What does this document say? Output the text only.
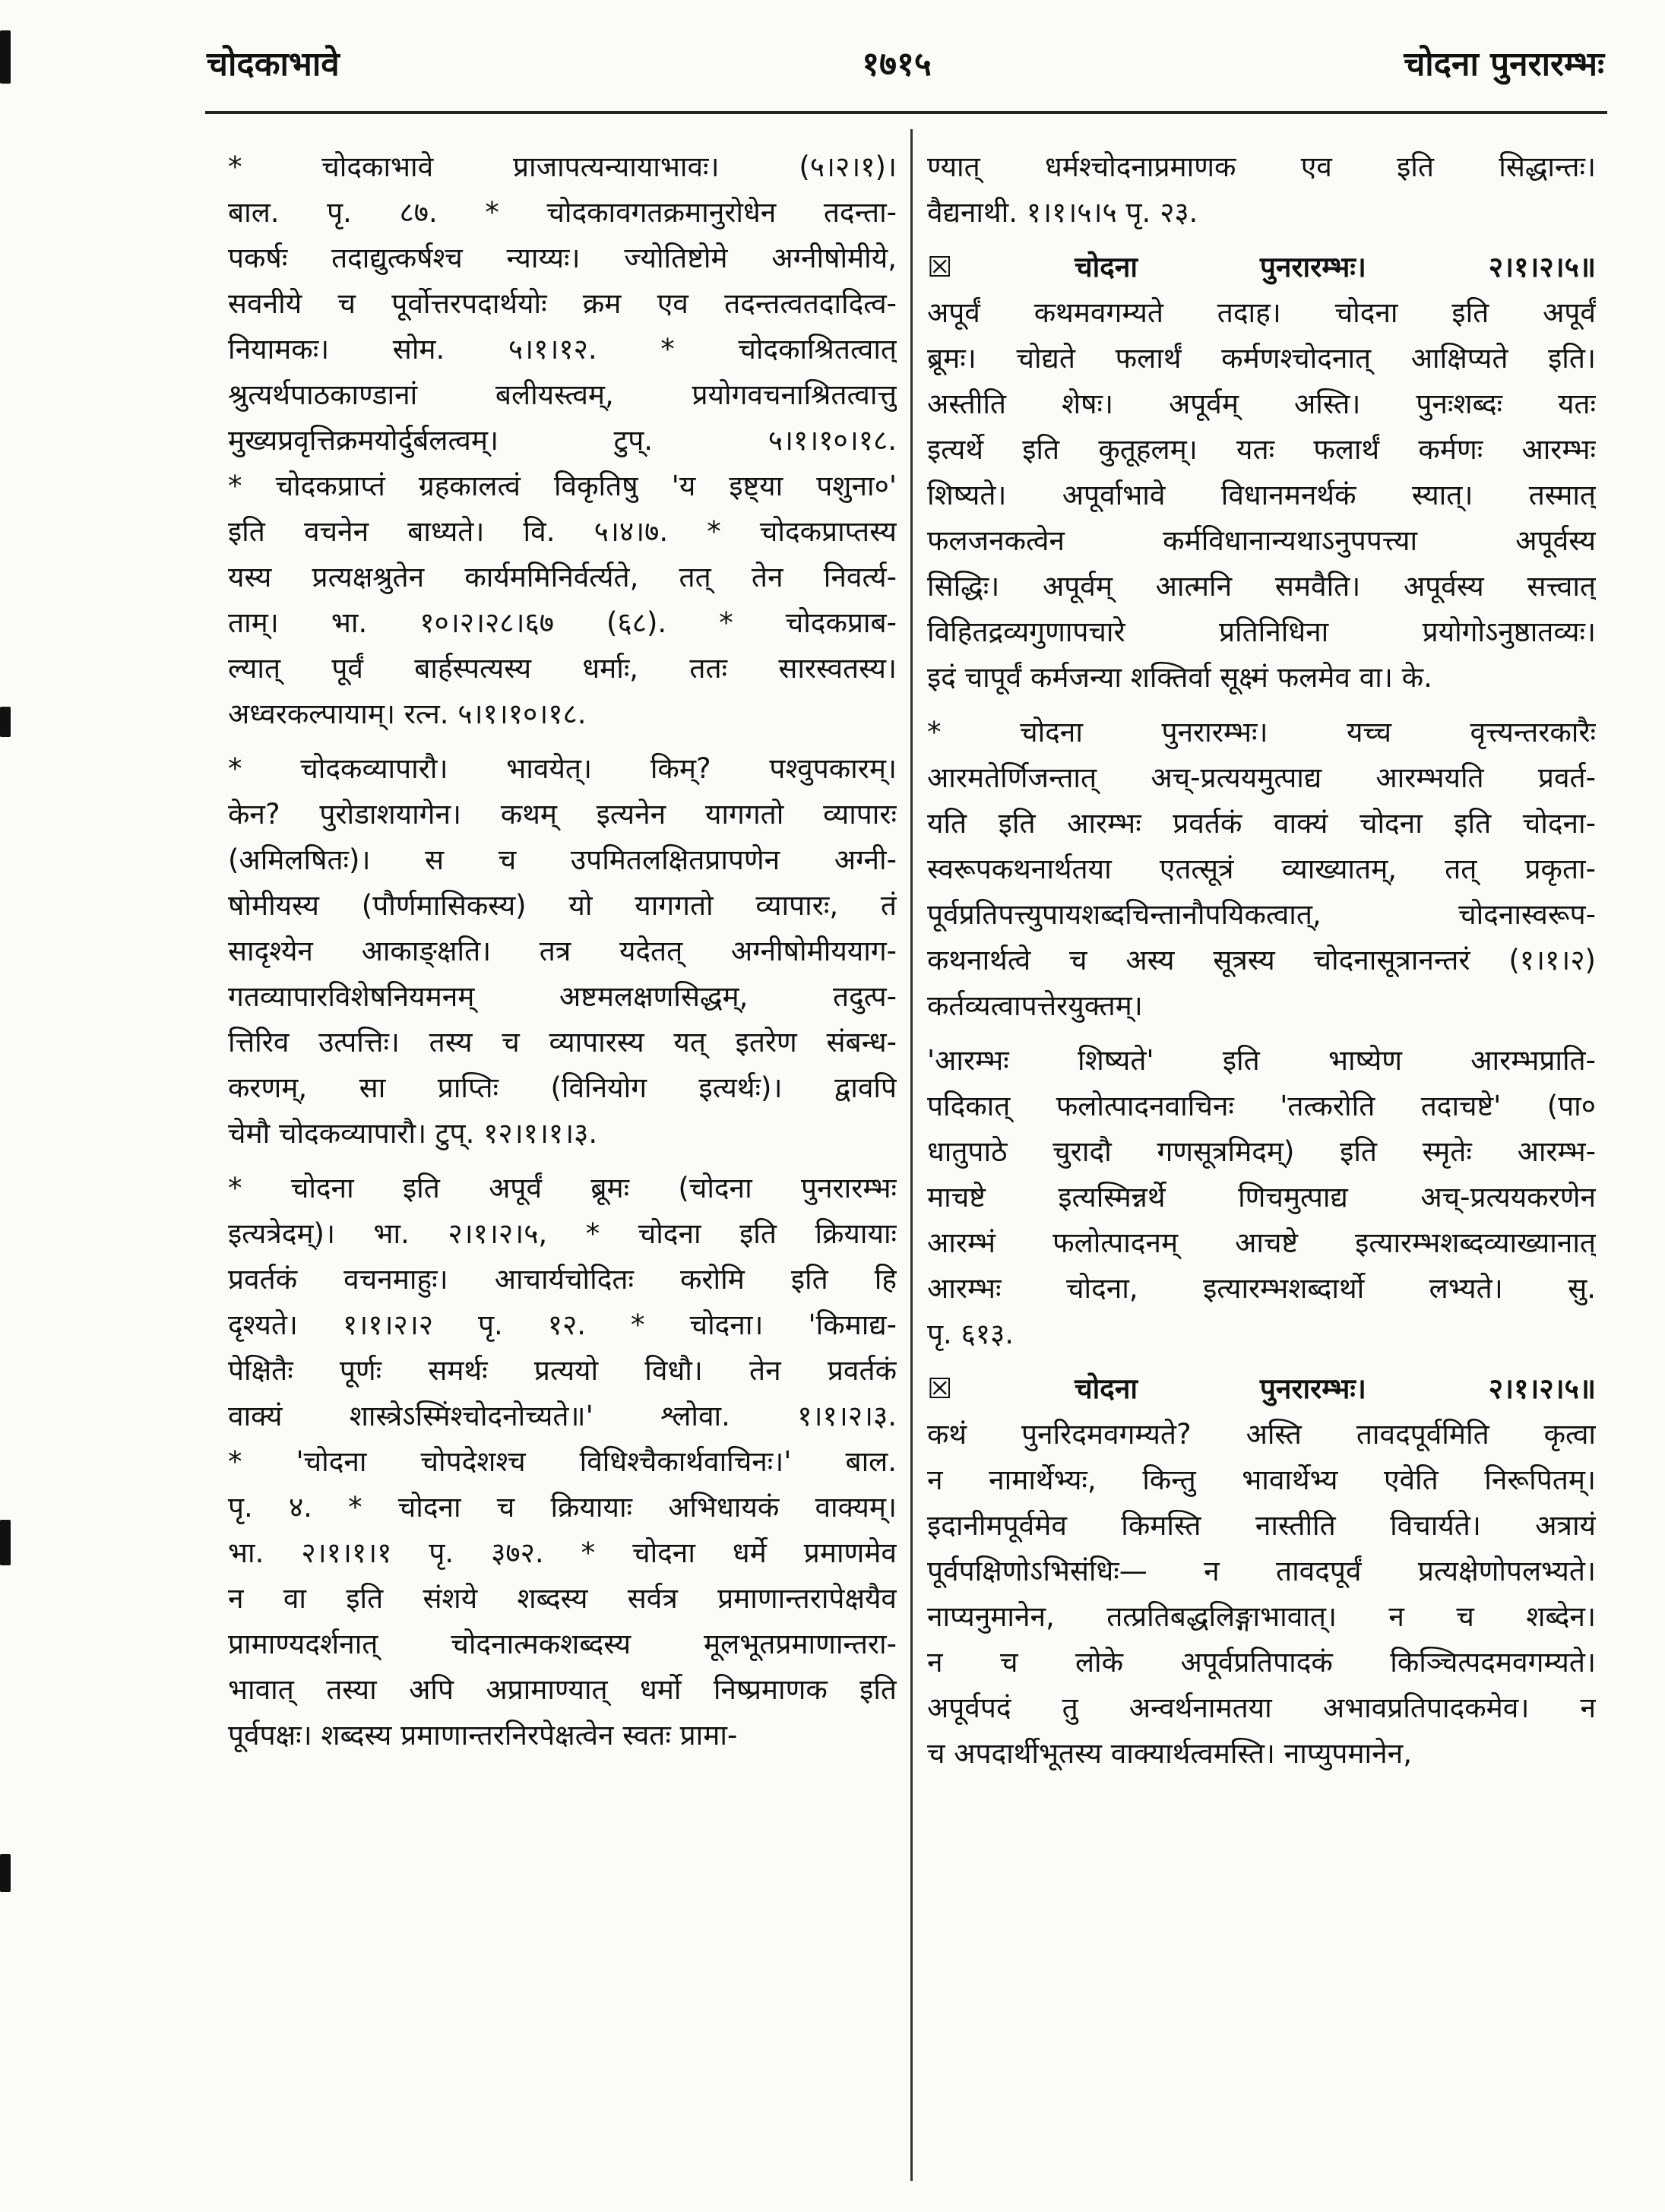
चोदकाभावे	१७१५	चोदना पुनरारम्भः

* चोदकाभावे प्राजापत्यन्यायाभावः। (५।२।१)।

बाल. पृ. ८७. * चोदकावगतक्रमानुरोधेन तदन्ता-

पकर्षः तदाद्युत्कर्षश्च न्याय्यः। ज्योतिष्टोमे अग्नीषोमीये,

सवनीये च पूर्वोत्तरपदार्थयोः क्रम एव तदन्तत्वतदादित्व-

नियामकः। सोम. ५।१।१२. * चोदकाश्रितत्वात्

श्रुत्यर्थपाठकाण्डानां बलीयस्त्वम्, प्रयोगवचनाश्रितत्वात्तु

मुख्यप्रवृत्तिक्रमयोर्दुर्बलत्वम्। टुप्. ५।१।१०।१८.

* चोदकप्राप्तं ग्रहकालत्वं विकृतिषु 'य इष्ट्या पशुना०'

इति वचनेन बाध्यते। वि. ५।४।७. * चोदकप्राप्तस्य

यस्य प्रत्यक्षश्रुतेन कार्यममिनिर्वर्त्यते, तत् तेन निवर्त्य-

ताम्। भा. १०।२।२८।६७ (६८). * चोदकप्राब-

ल्यात् पूर्वं बार्हस्पत्यस्य धर्माः, ततः सारस्वतस्य।

अध्वरकल्पायाम्। रत्न. ५।१।१०।१८.

* चोदकव्यापारौ। भावयेत्। किम्? पश्वुपकारम्।

केन? पुरोडाशयागेन। कथम् इत्यनेन यागगतो व्यापारः

(अमिलषितः)। स च उपमितलक्षितप्रापणेन अग्नी-

षोमीयस्य (पौर्णमासिकस्य) यो यागगतो व्यापारः, तं

सादृश्येन आकाङ्क्षति। तत्र यदेतत् अग्नीषोमीययाग-

गतव्यापारविशेषनियमनम् अष्टमलक्षणसिद्धम्, तदुत्प-

त्तिरिव उत्पत्तिः। तस्य च व्यापारस्य यत् इतरेण संबन्ध-

करणम्, सा प्राप्तिः (विनियोग इत्यर्थः)। द्वावपि

चेमौ चोदकव्यापारौ। टुप्. १२।१।१।३.

* चोदना इति अपूर्वं ब्रूमः (चोदना पुनरारम्भः

इत्यत्रेदम्)। भा. २।१।२।५, * चोदना इति क्रियायाः

प्रवर्तकं वचनमाहुः। आचार्यचोदितः करोमि इति हि

दृश्यते। १।१।२।२ पृ. १२. * चोदना। 'किमाद्य-

पेक्षितैः पूर्णः समर्थः प्रत्ययो विधौ। तेन प्रवर्तकं

वाक्यं शास्त्रेऽस्मिंश्चोदनोच्यते॥' श्लोवा. १।१।२।३.

* 'चोदना चोपदेशश्च विधिश्चैकार्थवाचिनः।' बाल.

पृ. ४. * चोदना च क्रियायाः अभिधायकं वाक्यम्।

भा. २।१।१।१ पृ. ३७२. * चोदना धर्मे प्रमाणमेव

न वा इति संशये शब्दस्य सर्वत्र प्रमाणान्तरापेक्षयैव

प्रामाण्यदर्शनात् चोदनात्मकशब्दस्य मूलभूतप्रमाणान्तरा-

भावात् तस्या अपि अप्रामाण्यात् धर्मो निष्प्रमाणक इति

पूर्वपक्षः। शब्दस्य प्रमाणान्तरनिरपेक्षत्वेन स्वतः प्रामा-

ण्यात् धर्मश्चोदनाप्रमाणक एव इति सिद्धान्तः।

वैद्यनाथी. १।१।५।५ पृ. २३.

☒ चोदना पुनरारम्भः। २।१।२।५॥

अपूर्वं कथमवगम्यते तदाह। चोदना इति अपूर्वं

ब्रूमः। चोद्यते फलार्थं कर्मणश्चोदनात् आक्षिप्यते इति।

अस्तीति शेषः। अपूर्वम् अस्ति। पुनःशब्दः यतः

इत्यर्थे इति कुतूहलम्। यतः फलार्थं कर्मणः आरम्भः

शिष्यते। अपूर्वाभावे विधानमनर्थकं स्यात्। तस्मात्

फलजनकत्वेन कर्मविधानान्यथाऽनुपपत्त्या अपूर्वस्य

सिद्धिः। अपूर्वम् आत्मनि समवैति। अपूर्वस्य सत्त्वात्

विहितद्रव्यगुणापचारे प्रतिनिधिना प्रयोगोऽनुष्ठातव्यः।

इदं चापूर्वं कर्मजन्या शक्तिर्वा सूक्ष्मं फलमेव वा। के.

* चोदना पुनरारम्भः। यच्च वृत्त्यन्तरकारैः

आरमतेर्णिजन्तात् अच्-प्रत्ययमुत्पाद्य आरम्भयति प्रवर्त-

यति इति आरम्भः प्रवर्तकं वाक्यं चोदना इति चोदना-

स्वरूपकथनार्थतया एतत्सूत्रं व्याख्यातम्, तत् प्रकृता-

पूर्वप्रतिपत्त्युपायशब्दचिन्तानौपयिकत्वात्, चोदनास्वरूप-

कथनार्थत्वे च अस्य सूत्रस्य चोदनासूत्रानन्तरं (१।१।२)

कर्तव्यत्वापत्तेरयुक्तम्।

'आरम्भः शिष्यते' इति भाष्येण आरम्भप्राति-

पदिकात् फलोत्पादनवाचिनः 'तत्करोति तदाचष्टे' (पा०

धातुपाठे चुरादौ गणसूत्रमिदम्) इति स्मृतेः आरम्भ-

माचष्टे इत्यस्मिन्नर्थे णिचमुत्पाद्य अच्-प्रत्ययकरणेन

आरम्भं फलोत्पादनम् आचष्टे इत्यारम्भशब्दव्याख्यानात्

आरम्भः चोदना, इत्यारम्भशब्दार्थो लभ्यते। सु.

पृ. ६१३.

☒ चोदना पुनरारम्भः। २।१।२।५॥

कथं पुनरिदमवगम्यते? अस्ति तावदपूर्वमिति कृत्वा

न नामार्थेभ्यः, किन्तु भावार्थेभ्य एवेति निरूपितम्।

इदानीमपूर्वमेव किमस्ति नास्तीति विचार्यते। अत्रायं

पूर्वपक्षिणोऽभिसंधिः— न तावदपूर्वं प्रत्यक्षेणोपलभ्यते।

नाप्यनुमानेन, तत्प्रतिबद्धलिङ्गाभावात्। न च शब्देन।

न च लोके अपूर्वप्रतिपादकं किञ्चित्पदमवगम्यते।

अपूर्वपदं तु अन्वर्थनामतया अभावप्रतिपादकमेव। न

च अपदार्थीभूतस्य वाक्यार्थत्वमस्ति। नाप्युपमानेन,
